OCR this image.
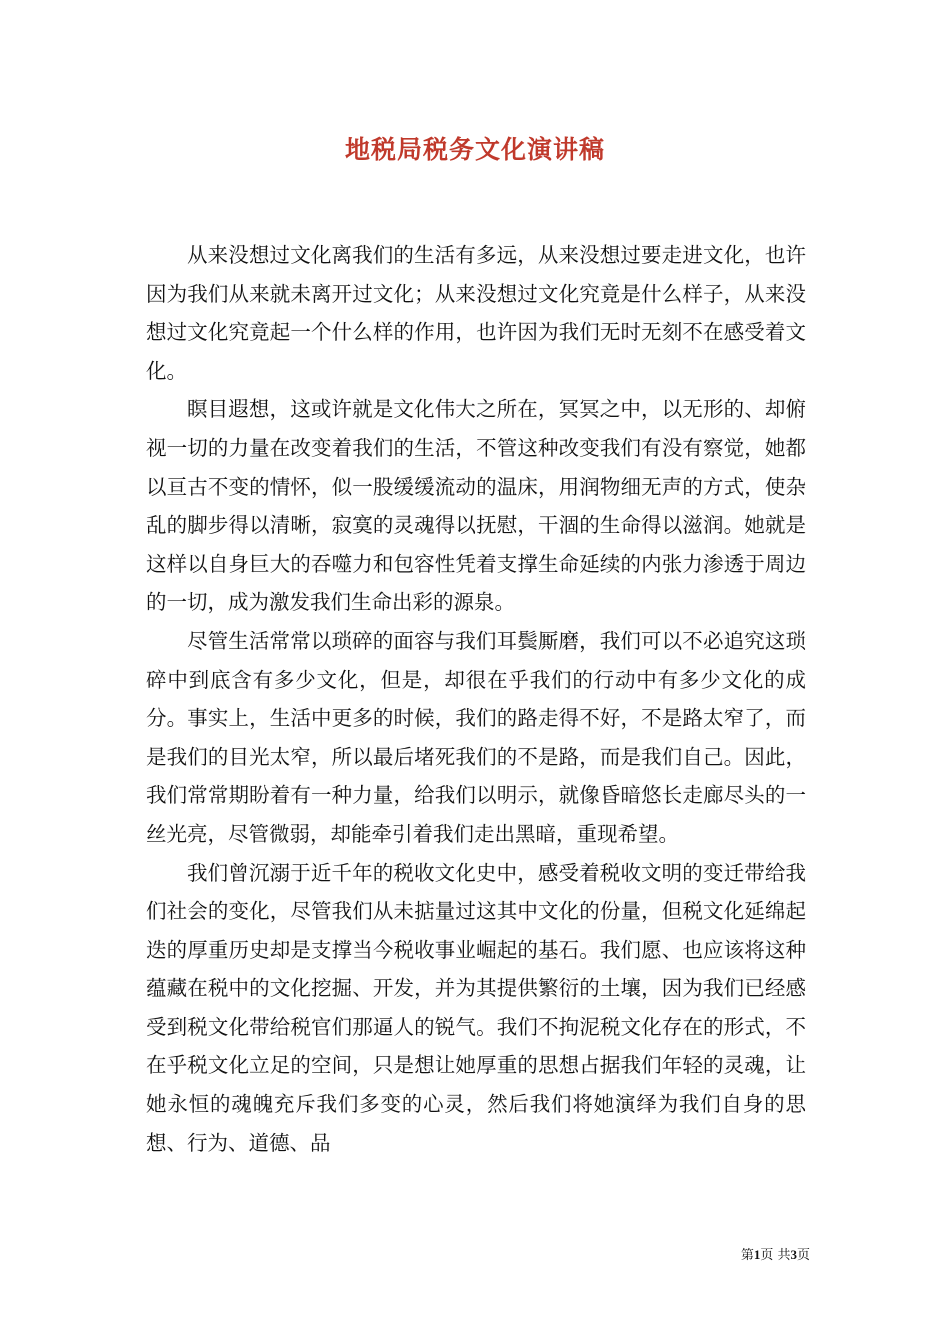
地税局税务文化演讲稿

从来没想过文化离我们的生活有多远，从来没想过要走进文化，也许因为我们从来就未离开过文化；从来没想过文化究竟是什么样子，从来没想过文化究竟起一个什么样的作用，也许因为我们无时无刻不在感受着文化。

瞑目遐想，这或许就是文化伟大之所在，冥冥之中，以无形的、却俯视一切的力量在改变着我们的生活，不管这种改变我们有没有察觉，她都以亘古不变的情怀，似一股缓缓流动的温床，用润物细无声的方式，使杂乱的脚步得以清晰，寂寞的灵魂得以抚慰，干涸的生命得以滋润。她就是这样以自身巨大的吞噬力和包容性凭着支撑生命延续的内张力渗透于周边的一切，成为激发我们生命出彩的源泉。

尽管生活常常以琐碎的面容与我们耳鬓厮磨，我们可以不必追究这琐碎中到底含有多少文化，但是，却很在乎我们的行动中有多少文化的成分。事实上，生活中更多的时候，我们的路走得不好，不是路太窄了，而是我们的目光太窄，所以最后堵死我们的不是路，而是我们自己。因此，我们常常期盼着有一种力量，给我们以明示，就像昏暗悠长走廊尽头的一丝光亮，尽管微弱，却能牵引着我们走出黑暗，重现希望。

我们曾沉溺于近千年的税收文化史中，感受着税收文明的变迁带给我们社会的变化，尽管我们从未掂量过这其中文化的份量，但税文化延绵起迭的厚重历史却是支撑当今税收事业崛起的基石。我们愿、也应该将这种蕴藏在税中的文化挖掘、开发，并为其提供繁衍的土壤，因为我们已经感受到税文化带给税官们那逼人的锐气。我们不拘泥税文化存在的形式，不在乎税文化立足的空间，只是想让她厚重的思想占据我们年轻的灵魂，让她永恒的魂魄充斥我们多变的心灵，然后我们将她演绎为我们自身的思想、行为、道德、品

第1页 共3页
